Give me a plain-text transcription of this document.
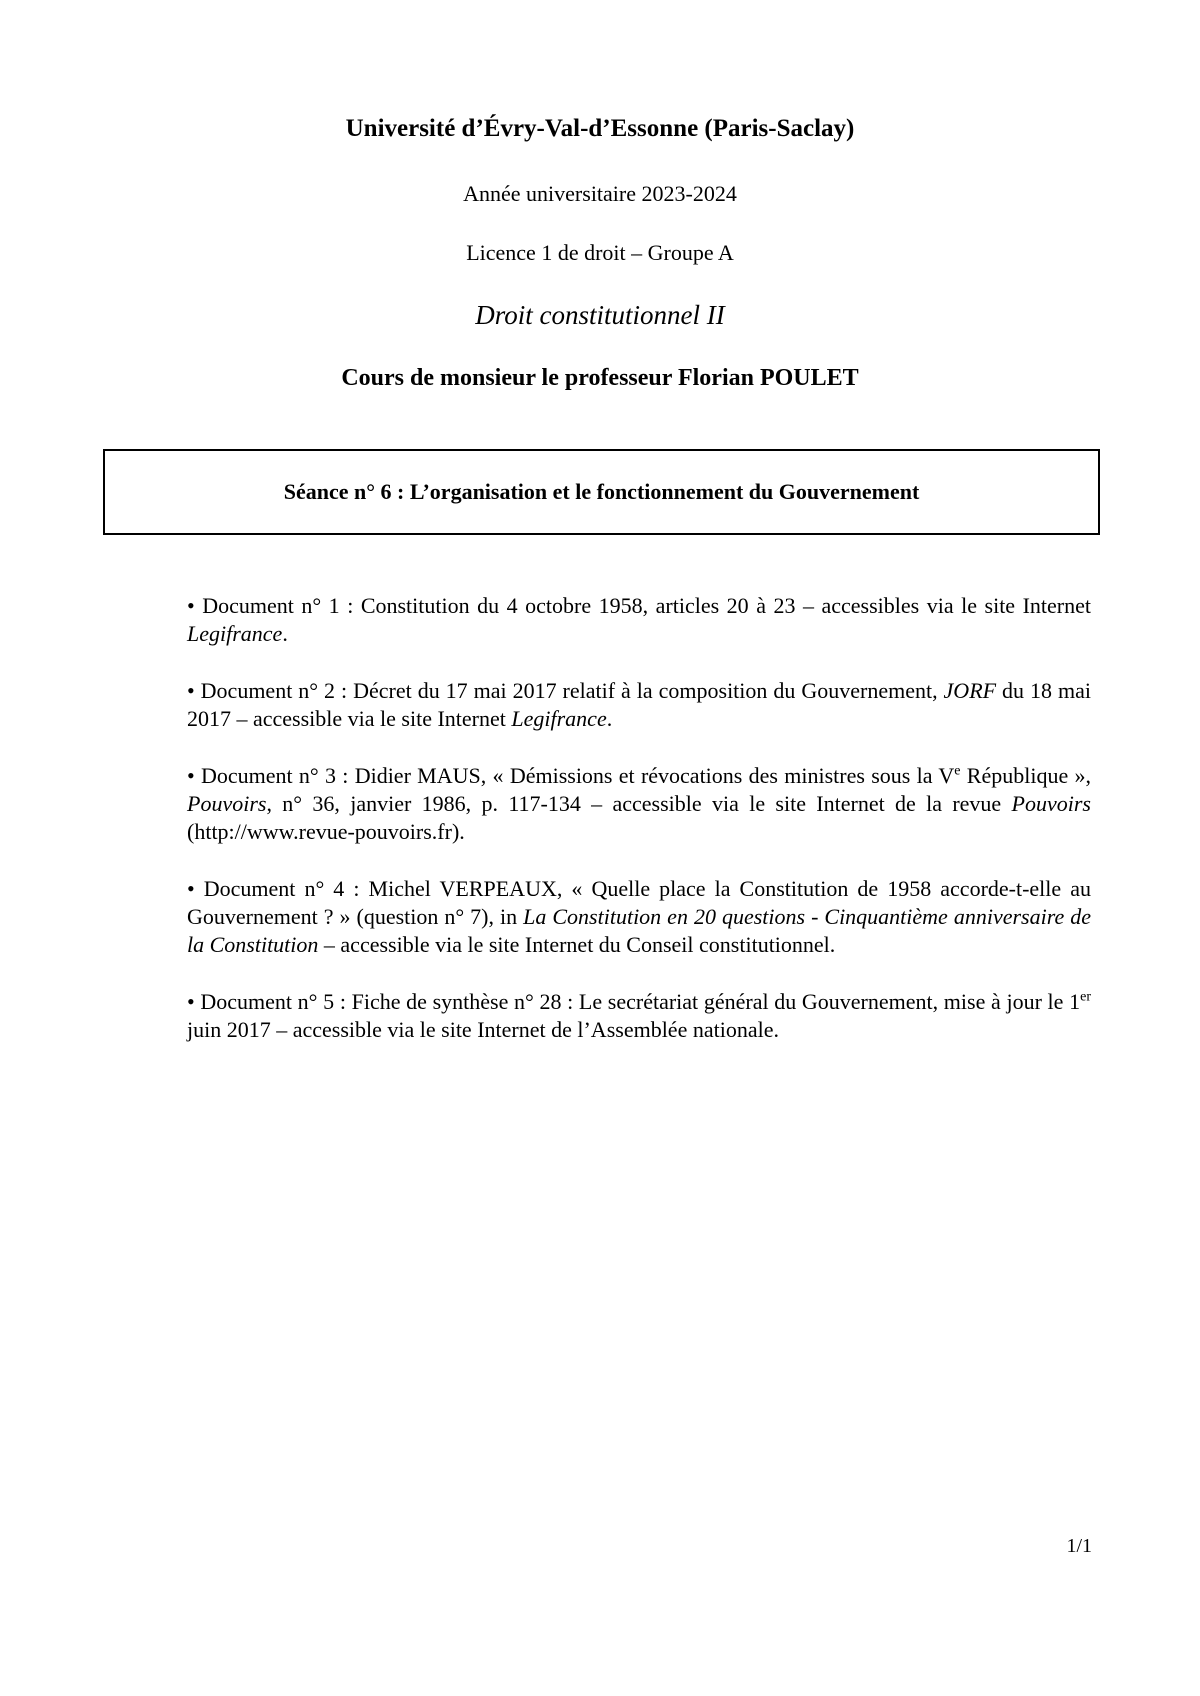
Université d’Évry-Val-d’Essonne (Paris-Saclay)
Année universitaire 2023-2024
Licence 1 de droit – Groupe A
Droit constitutionnel II
Cours de monsieur le professeur Florian POULET
Séance n° 6 : L’organisation et le fonctionnement du Gouvernement
• Document n° 1 : Constitution du 4 octobre 1958, articles 20 à 23 – accessibles via le site Internet Legifrance.
• Document n° 2 : Décret du 17 mai 2017 relatif à la composition du Gouvernement, JORF du 18 mai 2017 – accessible via le site Internet Legifrance.
• Document n° 3 : Didier MAUS, « Démissions et révocations des ministres sous la Ve République », Pouvoirs, n° 36, janvier 1986, p. 117-134 – accessible via le site Internet de la revue Pouvoirs (http://www.revue-pouvoirs.fr).
• Document n° 4 : Michel VERPEAUX, « Quelle place la Constitution de 1958 accorde-t-elle au Gouvernement ? » (question n° 7), in La Constitution en 20 questions - Cinquantième anniversaire de la Constitution – accessible via le site Internet du Conseil constitutionnel.
• Document n° 5 : Fiche de synthèse n° 28 : Le secrétariat général du Gouvernement, mise à jour le 1er juin 2017 – accessible via le site Internet de l’Assemblée nationale.
1/1
